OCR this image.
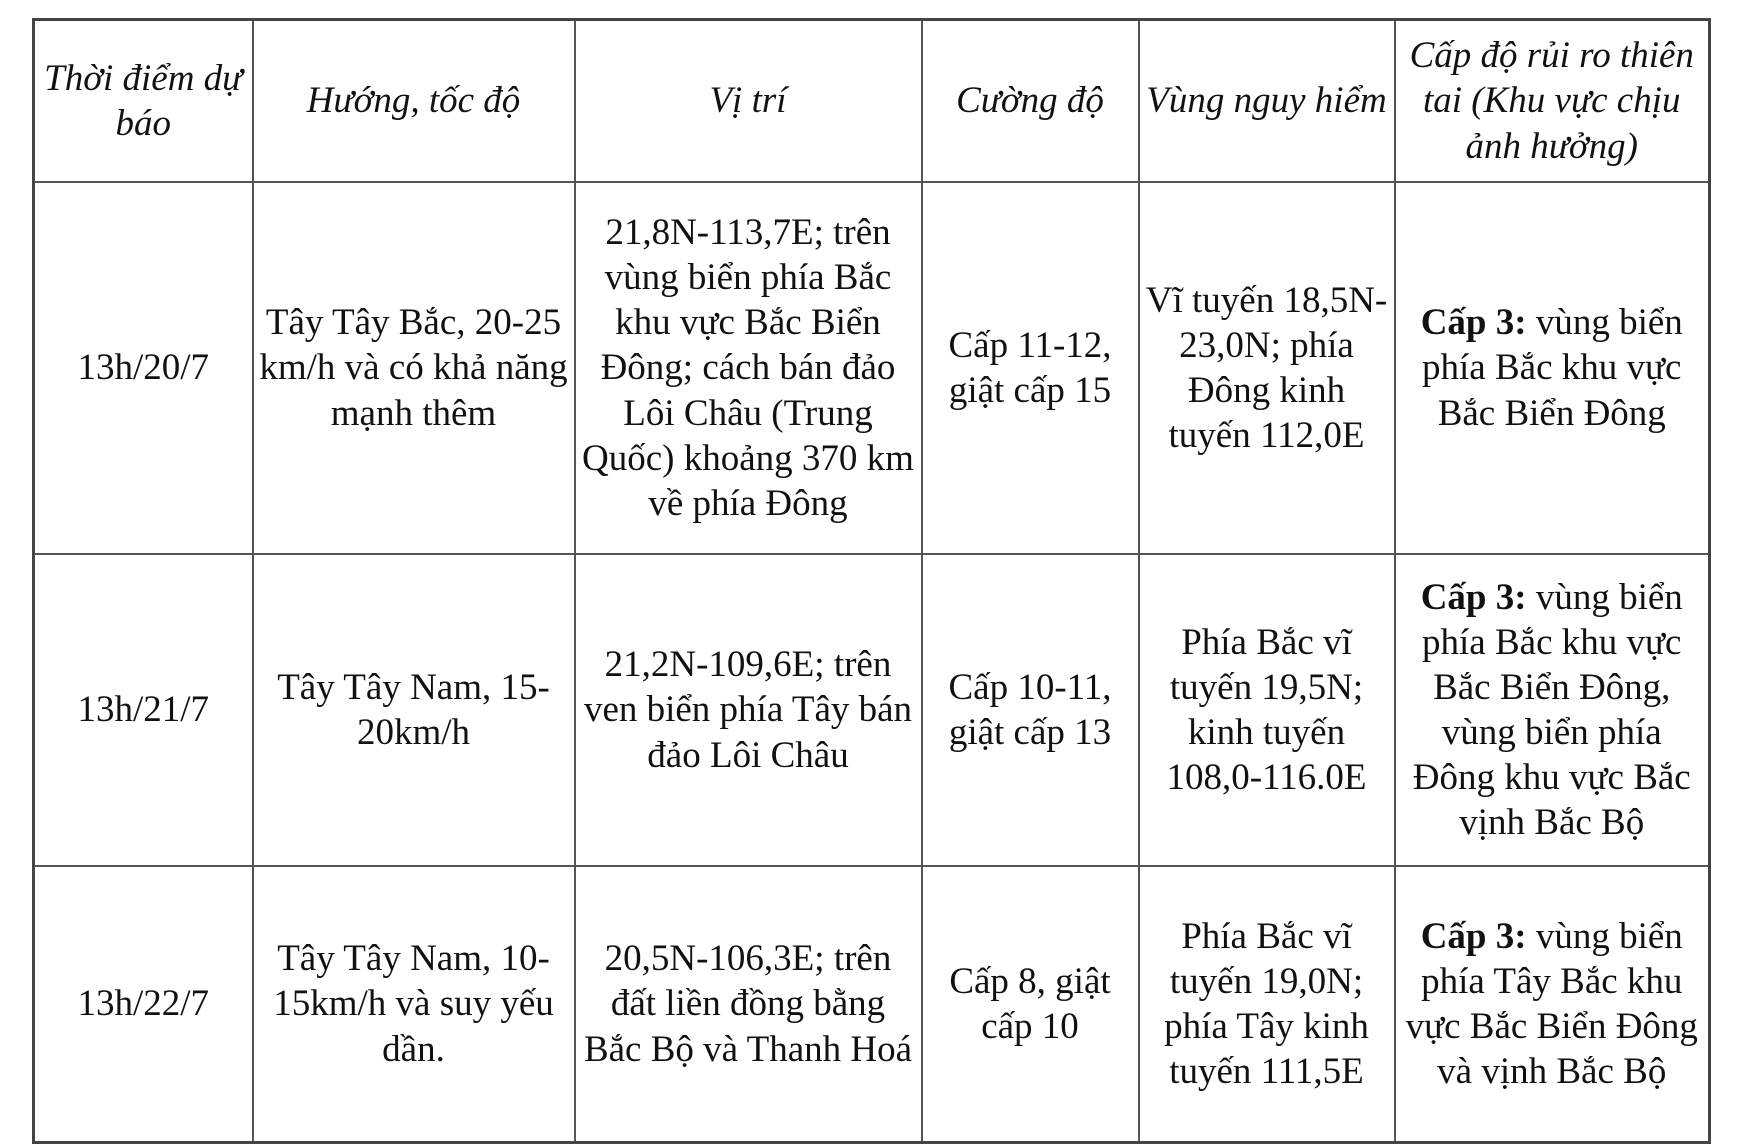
Thời điểm dự báo	Hướng, tốc độ	Vị trí	Cường độ	Vùng nguy hiểm	Cấp độ rủi ro thiên tai (Khu vực chịu ảnh hưởng)
13h/20/7	Tây Tây Bắc, 20-25 km/h và có khả năng mạnh thêm	21,8N-113,7E; trên vùng biển phía Bắc khu vực Bắc Biển Đông; cách bán đảo Lôi Châu (Trung Quốc) khoảng 370 km về phía Đông	Cấp 11-12, giật cấp 15	Vĩ tuyến 18,5N-23,0N; phía Đông kinh tuyến 112,0E	Cấp 3: vùng biển phía Bắc khu vực Bắc Biển Đông
13h/21/7	Tây Tây Nam, 15-20km/h	21,2N-109,6E; trên ven biển phía Tây bán đảo Lôi Châu	Cấp 10-11, giật cấp 13	Phía Bắc vĩ tuyến 19,5N; kinh tuyến 108,0-116.0E	Cấp 3: vùng biển phía Bắc khu vực Bắc Biển Đông, vùng biển phía Đông khu vực Bắc vịnh Bắc Bộ
13h/22/7	Tây Tây Nam, 10-15km/h và suy yếu dần.	20,5N-106,3E; trên đất liền đồng bằng Bắc Bộ và Thanh Hoá	Cấp 8, giật cấp 10	Phía Bắc vĩ tuyến 19,0N; phía Tây kinh tuyến 111,5E	Cấp 3: vùng biển phía Tây Bắc khu vực Bắc Biển Đông và vịnh Bắc Bộ
